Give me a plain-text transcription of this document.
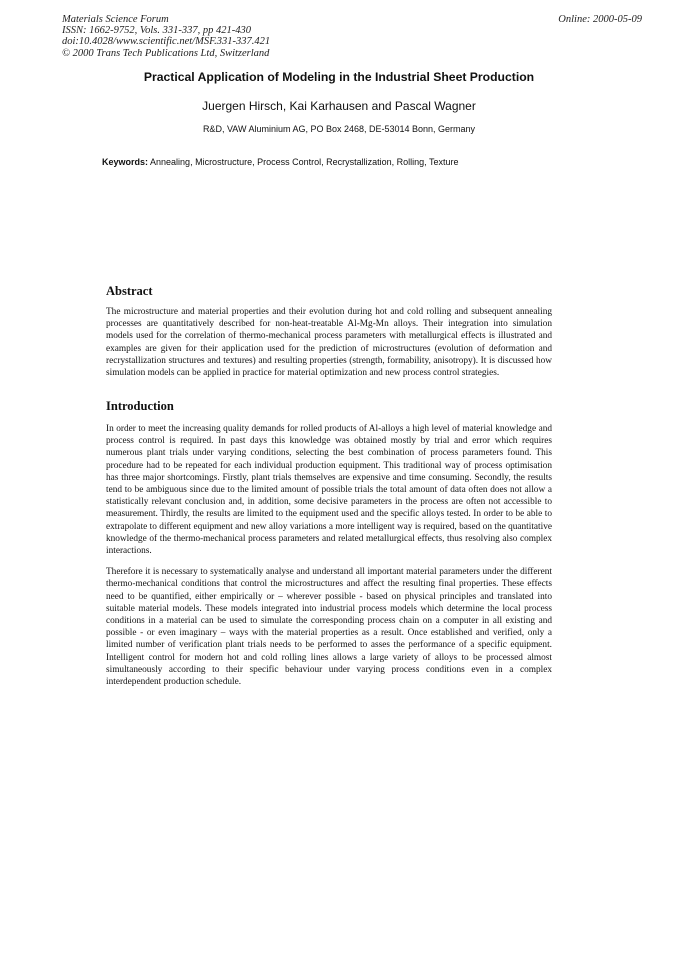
Materials Science Forum
ISSN: 1662-9752, Vols. 331-337, pp 421-430
doi:10.4028/www.scientific.net/MSF.331-337.421
© 2000 Trans Tech Publications Ltd, Switzerland
Online: 2000-05-09
Practical Application of Modeling in the Industrial Sheet Production
Juergen Hirsch, Kai Karhausen and Pascal Wagner
R&D, VAW Aluminium AG, PO Box 2468, DE-53014 Bonn, Germany
Keywords: Annealing, Microstructure, Process Control, Recrystallization, Rolling, Texture
Abstract

The microstructure and material properties and their evolution during hot and cold rolling and subsequent annealing processes are quantitatively described for non-heat-treatable Al-Mg-Mn alloys. Their integration into simulation models used for the correlation of thermo-mechanical process parameters with metallurgical effects is illustrated and examples are given for their application used for the prediction of microstructures (evolution of deformation and recrystallization structures and textures) and resulting properties (strength, formability, anisotropy). It is discussed how simulation models can be applied in practice for material optimization and new process control strategies.

Introduction

In order to meet the increasing quality demands for rolled products of Al-alloys a high level of material knowledge and process control is required. In past days this knowledge was obtained mostly by trial and error which requires numerous plant trials under varying conditions, selecting the best combination of process parameters found. This procedure had to be repeated for each individual production equipment. This traditional way of process optimisation has three major shortcomings. Firstly, plant trials themselves are expensive and time consuming. Secondly, the results tend to be ambiguous since due to the limited amount of possible trials the total amount of data often does not allow a statistically relevant conclusion and, in addition, some decisive parameters in the process are often not accessible to measurement. Thirdly, the results are limited to the equipment used and the specific alloys tested. In order to be able to extrapolate to different equipment and new alloy variations a more intelligent way is required, based on the quantitative knowledge of the thermo-mechanical process parameters and related metallurgical effects, thus resolving also complex interactions.

Therefore it is necessary to systematically analyse and understand all important material parameters under the different thermo-mechanical conditions that control the microstructures and affect the resulting final properties. These effects need to be quantified, either empirically or – wherever possible - based on physical principles and translated into suitable material models. These models integrated into industrial process models which determine the local process conditions in a material can be used to simulate the corresponding process chain on a computer in all existing and possible - or even imaginary – ways with the material properties as a result. Once established and verified, only a limited number of verification plant trials needs to be performed to asses the performance of a specific equipment. Intelligent control for modern hot and cold rolling lines allows a large variety of alloys to be processed almost simultaneously according to their specific behaviour under varying process conditions even in a complex interdependent production schedule.
